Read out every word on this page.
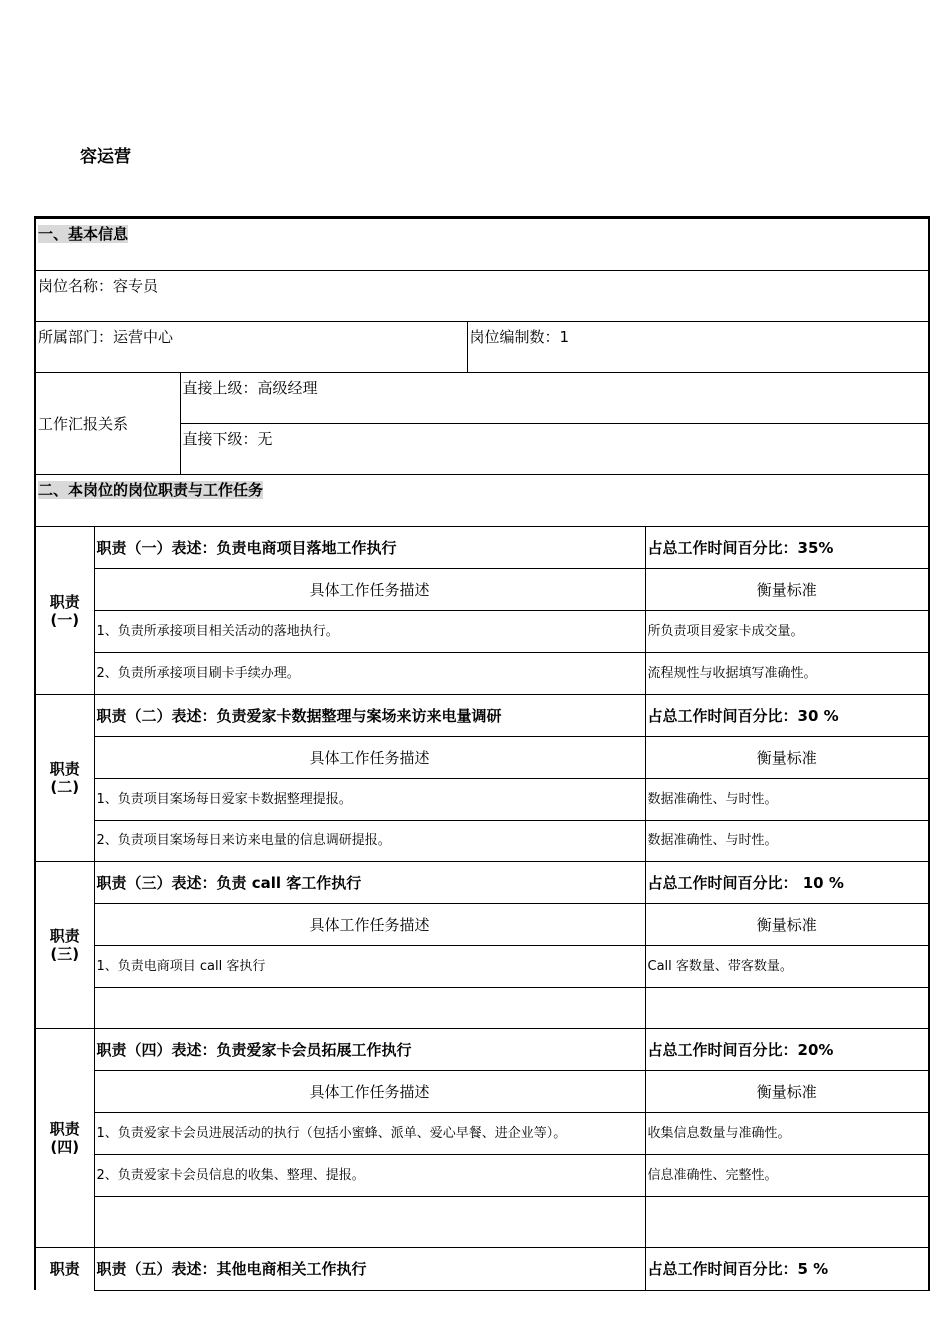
容运营
一、基本信息				
岗位名称：容专员				
所属部门：运营中心			岗位编制数：1	
工作汇报关系		直接上级：高级经理		
		直接下级：无		
二、本岗位的岗位职责与工作任务				

职责
(一)	职责（一）表述：负责电商项目落地工作执行			占总工作时间百分比：35%
	具体工作任务描述			衡量标准
	1、负责所承接项目相关活动的落地执行。			所负责项目爱家卡成交量。
	2、负责所承接项目刷卡手续办理。			流程规性与收据填写准确性。

职责
(二)	职责（二）表述：负责爱家卡数据整理与案场来访来电量调研			占总工作时间百分比：30 %
	具体工作任务描述			衡量标准
	1、负责项目案场每日爱家卡数据整理提报。			数据准确性、与时性。
	2、负责项目案场每日来访来电量的信息调研提报。			数据准确性、与时性。

职责
(三)	职责（三）表述：负责 call 客工作执行			占总工作时间百分比： 10 %
	具体工作任务描述			衡量标准
	1、负责电商项目 call 客执行			Call 客数量、带客数量。

职责
(四)	职责（四）表述：负责爱家卡会员拓展工作执行			占总工作时间百分比：20%
	具体工作任务描述			衡量标准
	1、负责爱家卡会员进展活动的执行（包括小蜜蜂、派单、爱心早餐、进企业等）。			收集信息数量与准确性。
	2、负责爱家卡会员信息的收集、整理、提报。			信息准确性、完整性。

职责	职责（五）表述：其他电商相关工作执行			占总工作时间百分比：5 %
